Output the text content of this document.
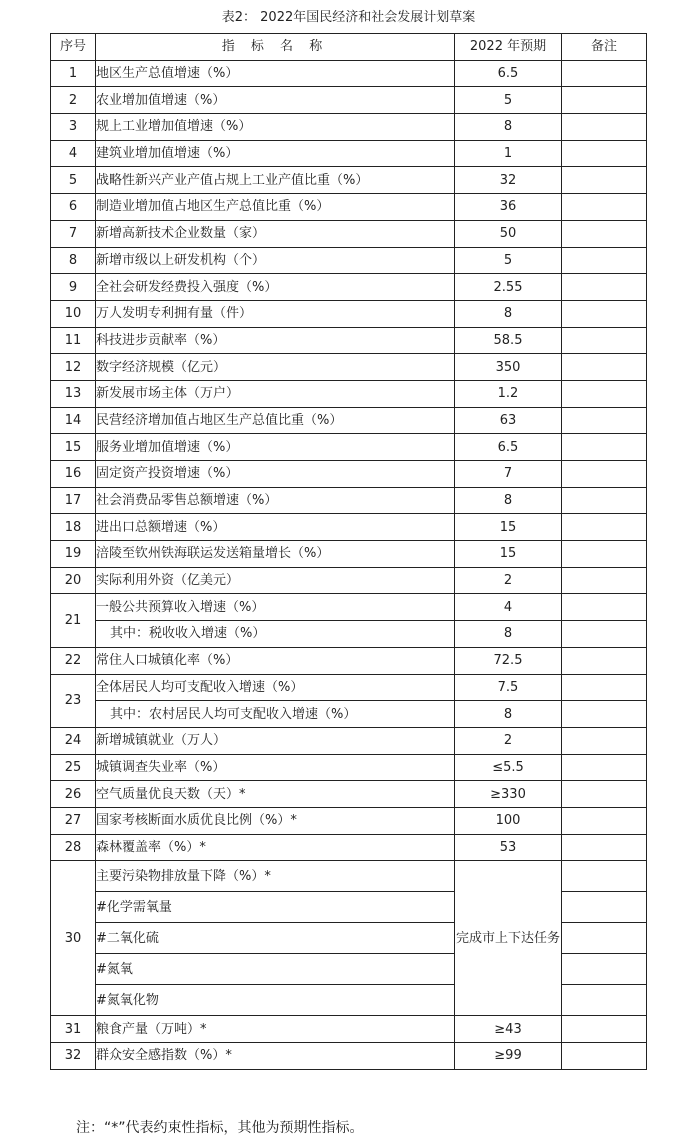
表2： 2022年国民经济和社会发展计划草案
序号	指 标 名 称	2022 年预期	备注
1	地区生产总值增速（%）	6.5	
2	农业增加值增速（%）	5	
3	规上工业增加值增速（%）	8	
4	建筑业增加值增速（%）	1	
5	战略性新兴产业产值占规上工业产值比重（%）	32	
6	制造业增加值占地区生产总值比重（%）	36	
7	新增高新技术企业数量（家）	50	
8	新增市级以上研发机构（个）	5	
9	全社会研发经费投入强度（%）	2.55	
10	万人发明专利拥有量（件）	8	
11	科技进步贡献率（%）	58.5	
12	数字经济规模（亿元）	350	
13	新发展市场主体（万户）	1.2	
14	民营经济增加值占地区生产总值比重（%）	63	
15	服务业增加值增速（%）	6.5	
16	固定资产投资增速（%）	7	
17	社会消费品零售总额增速（%）	8	
18	进出口总额增速（%）	15	
19	涪陵至钦州铁海联运发送箱量增长（%）	15	
20	实际利用外资（亿美元）	2	
21	一般公共预算收入增速（%）	4	
	其中：税收收入增速（%）	8	
22	常住人口城镇化率（%）	72.5	
23	全体居民人均可支配收入增速（%）	7.5	
	其中：农村居民人均可支配收入增速（%）	8	
24	新增城镇就业（万人）	2	
25	城镇调查失业率（%）	≤5.5	
26	空气质量优良天数（天）*	≥330	
27	国家考核断面水质优良比例（%）*	100	
28	森林覆盖率（%）*	53	
30	主要污染物排放量下降（%）*	完成市上下达任务	
	#化学需氧量		
	#二氧化硫		
	#氮氧		
	#氮氧化物		
31	粮食产量（万吨）*	≥43	
32	群众安全感指数（%）*	≥99	
注：“*”代表约束性指标，其他为预期性指标。
